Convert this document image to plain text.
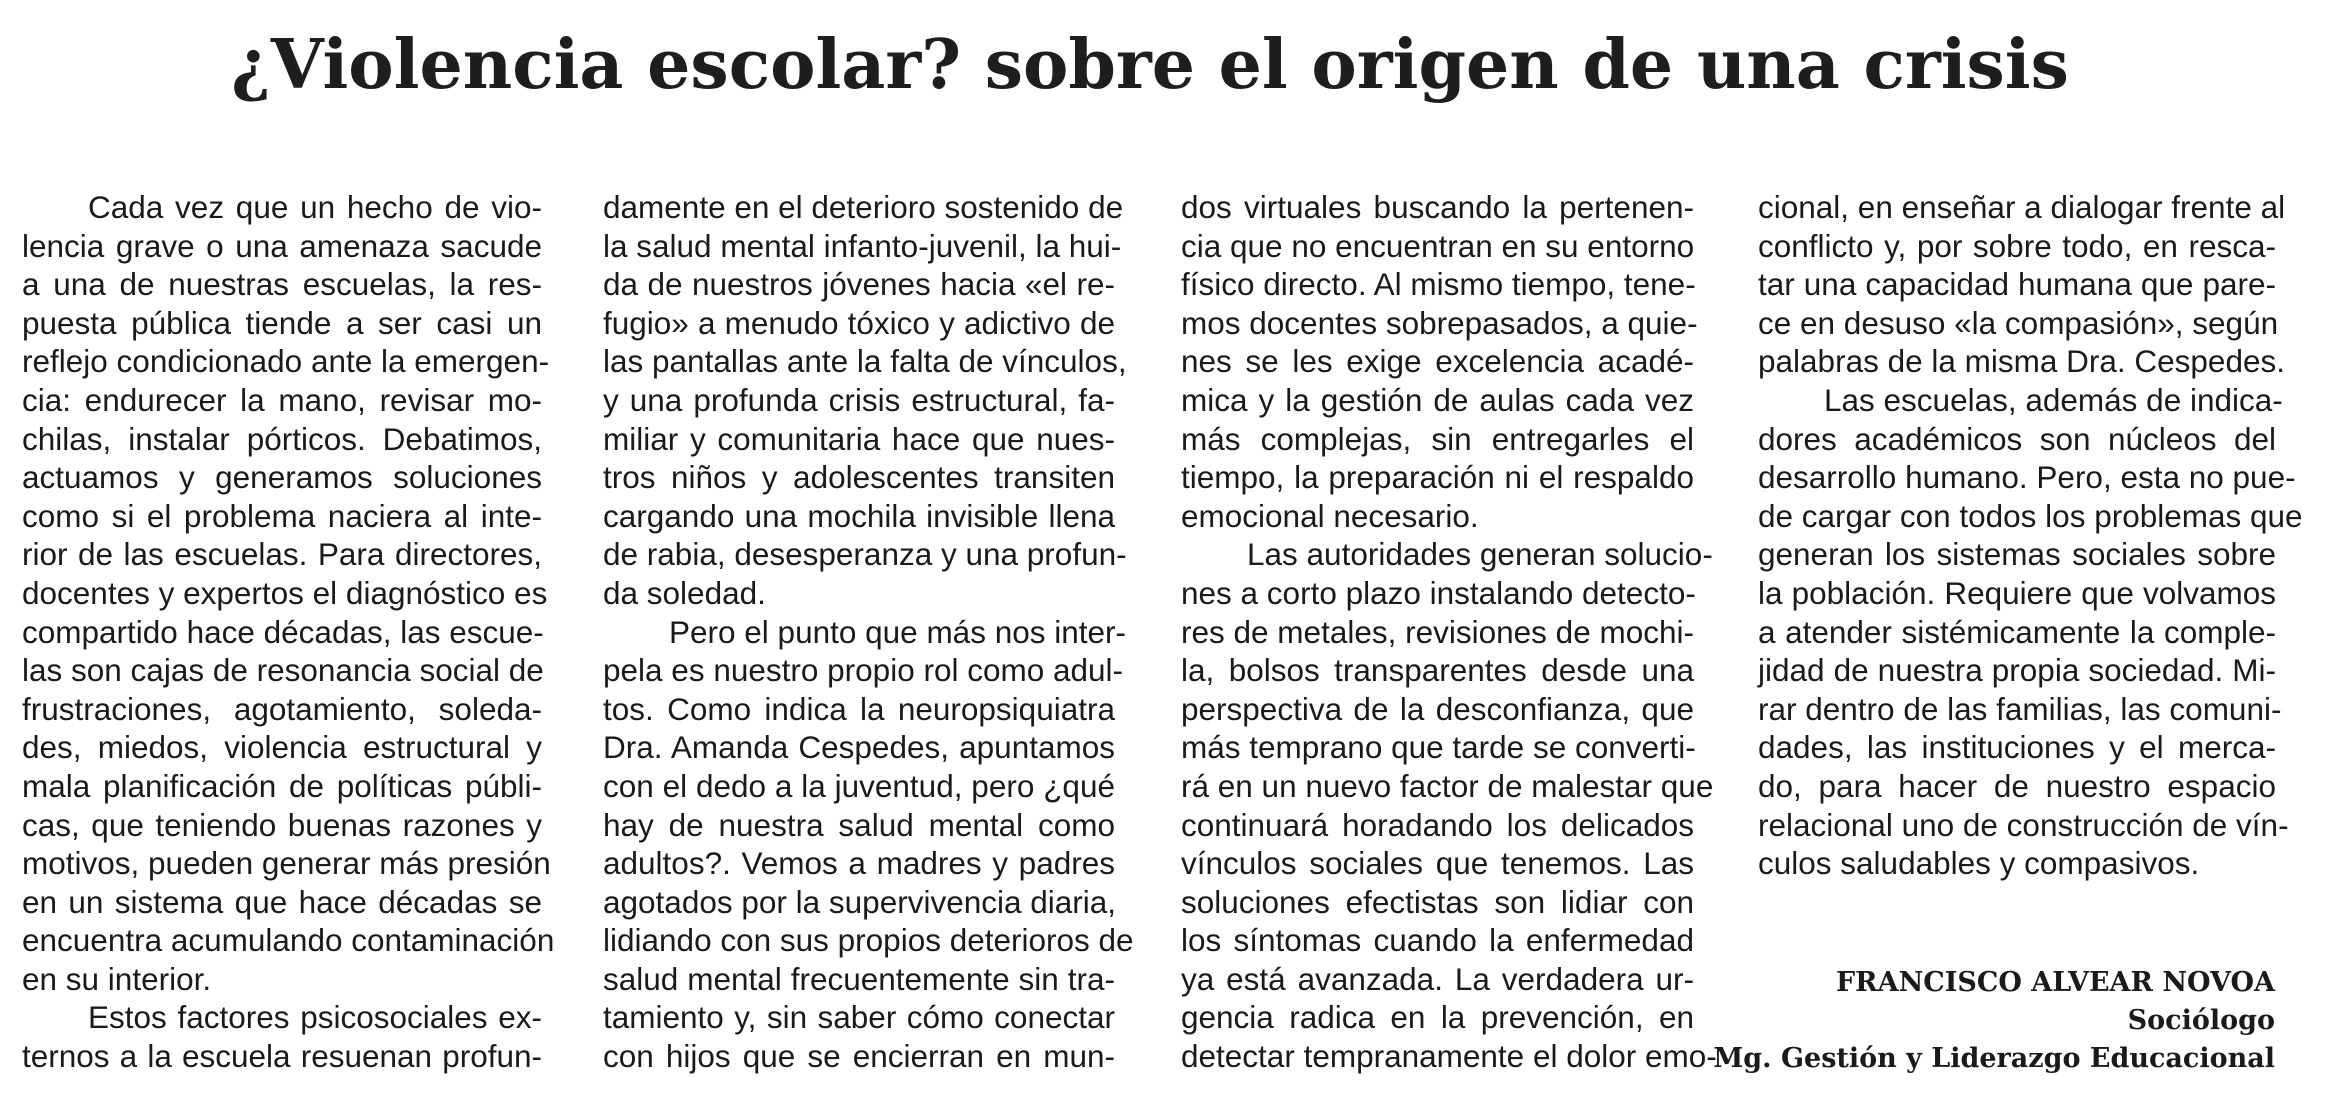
¿Violencia escolar? sobre el origen de una crisis
Cada vez que un hecho de vio-
lencia grave o una amenaza sacude
a una de nuestras escuelas, la res-
puesta pública tiende a ser casi un
reflejo condicionado ante la emergen-
cia: endurecer la mano, revisar mo-
chilas, instalar pórticos. Debatimos,
actuamos y generamos soluciones
como si el problema naciera al inte-
rior de las escuelas. Para directores,
docentes y expertos el diagnóstico es
compartido hace décadas, las escue-
las son cajas de resonancia social de
frustraciones, agotamiento, soleda-
des, miedos, violencia estructural y
mala planificación de políticas públi-
cas, que teniendo buenas razones y
motivos, pueden generar más presión
en un sistema que hace décadas se
encuentra acumulando contaminación
en su interior.
Estos factores psicosociales ex-
ternos a la escuela resuenan profun-
damente en el deterioro sostenido de
la salud mental infanto-juvenil, la hui-
da de nuestros jóvenes hacia «el re-
fugio» a menudo tóxico y adictivo de
las pantallas ante la falta de vínculos,
y una profunda crisis estructural, fa-
miliar y comunitaria hace que nues-
tros niños y adolescentes transiten
cargando una mochila invisible llena
de rabia, desesperanza y una profun-
da soledad.
Pero el punto que más nos inter-
pela es nuestro propio rol como adul-
tos. Como indica la neuropsiquiatra
Dra. Amanda Cespedes, apuntamos
con el dedo a la juventud, pero ¿qué
hay de nuestra salud mental como
adultos?. Vemos a madres y padres
agotados por la supervivencia diaria,
lidiando con sus propios deterioros de
salud mental frecuentemente sin tra-
tamiento y, sin saber cómo conectar
con hijos que se encierran en mun-
dos virtuales buscando la pertenen-
cia que no encuentran en su entorno
físico directo. Al mismo tiempo, tene-
mos docentes sobrepasados, a quie-
nes se les exige excelencia acadé-
mica y la gestión de aulas cada vez
más complejas, sin entregarles el
tiempo, la preparación ni el respaldo
emocional necesario.
Las autoridades generan solucio-
nes a corto plazo instalando detecto-
res de metales, revisiones de mochi-
la, bolsos transparentes desde una
perspectiva de la desconfianza, que
más temprano que tarde se converti-
rá en un nuevo factor de malestar que
continuará horadando los delicados
vínculos sociales que tenemos. Las
soluciones efectistas son lidiar con
los síntomas cuando la enfermedad
ya está avanzada. La verdadera ur-
gencia radica en la prevención, en
detectar tempranamente el dolor emo-
cional, en enseñar a dialogar frente al
conflicto y, por sobre todo, en resca-
tar una capacidad humana que pare-
ce en desuso «la compasión», según
palabras de la misma Dra. Cespedes.
Las escuelas, además de indica-
dores académicos son núcleos del
desarrollo humano. Pero, esta no pue-
de cargar con todos los problemas que
generan los sistemas sociales sobre
la población. Requiere que volvamos
a atender sistémicamente la comple-
jidad de nuestra propia sociedad. Mi-
rar dentro de las familias, las comuni-
dades, las instituciones y el merca-
do, para hacer de nuestro espacio
relacional uno de construcción de vín-
culos saludables y compasivos.
FRANCISCO ALVEAR NOVOA
Sociólogo
Mg. Gestión y Liderazgo Educacional
